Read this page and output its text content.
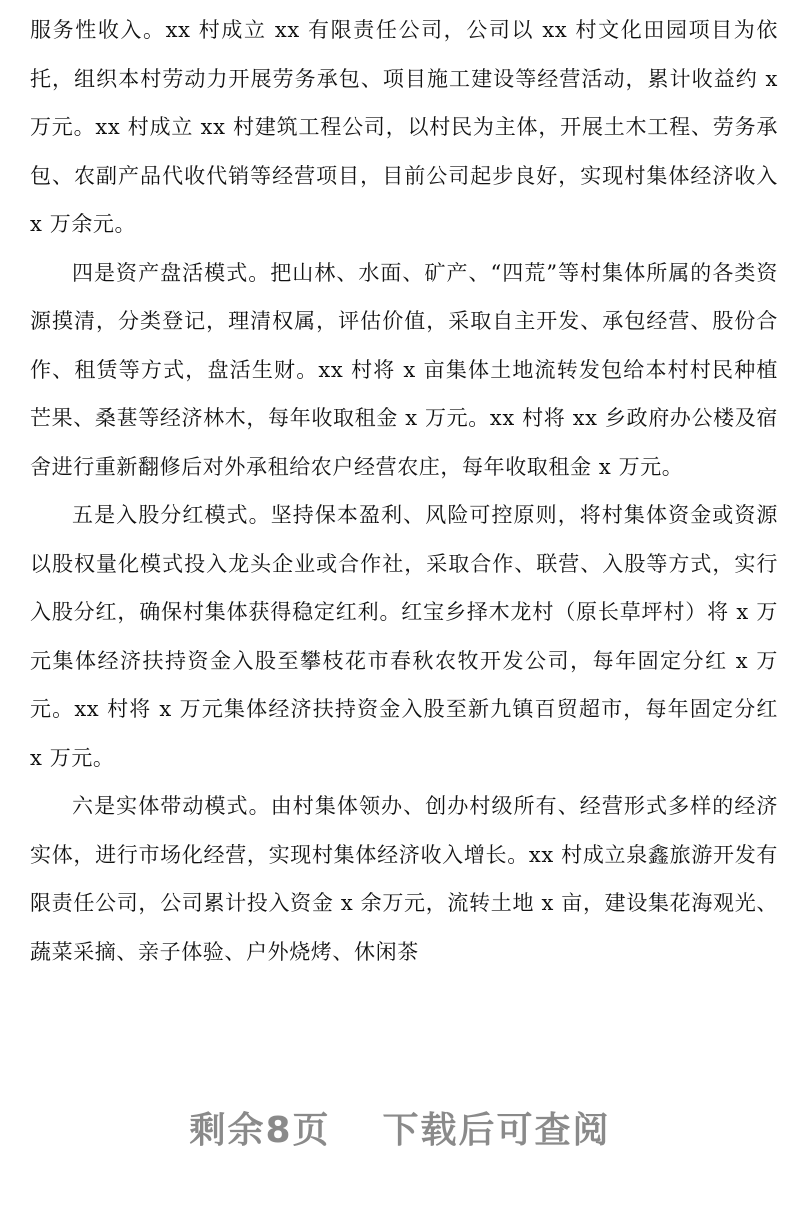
服务性收入。xx 村成立 xx 有限责任公司，公司以 xx 村文化田园项目为依托，组织本村劳动力开展劳务承包、项目施工建设等经营活动，累计收益约 x 万元。xx 村成立 xx 村建筑工程公司，以村民为主体，开展土木工程、劳务承包、农副产品代收代销等经营项目，目前公司起步良好，实现村集体经济收入 x 万余元。

四是资产盘活模式。把山林、水面、矿产、“四荒”等村集体所属的各类资源摸清，分类登记，理清权属，评估价值，采取自主开发、承包经营、股份合作、租赁等方式，盘活生财。xx 村将 x 亩集体土地流转发包给本村村民种植芒果、桑葚等经济林木，每年收取租金 x 万元。xx 村将 xx 乡政府办公楼及宿舍进行重新翻修后对外承租给农户经营农庄，每年收取租金 x 万元。

五是入股分红模式。坚持保本盈利、风险可控原则，将村集体资金或资源以股权量化模式投入龙头企业或合作社，采取合作、联营、入股等方式，实行入股分红，确保村集体获得稳定红利。红宝乡择木龙村（原长草坪村）将 x 万元集体经济扶持资金入股至攀枝花市春秋农牧开发公司，每年固定分红 x 万元。xx 村将 x 万元集体经济扶持资金入股至新九镇百贸超市，每年固定分红 x 万元。

六是实体带动模式。由村集体领办、创办村级所有、经营形式多样的经济实体，进行市场化经营，实现村集体经济收入增长。xx 村成立泉鑫旅游开发有限责任公司，公司累计投入资金 x 余万元，流转土地 x 亩，建设集花海观光、蔬菜采摘、亲子体验、户外烧烤、休闲茶

剩余8页 下载后可查阅
